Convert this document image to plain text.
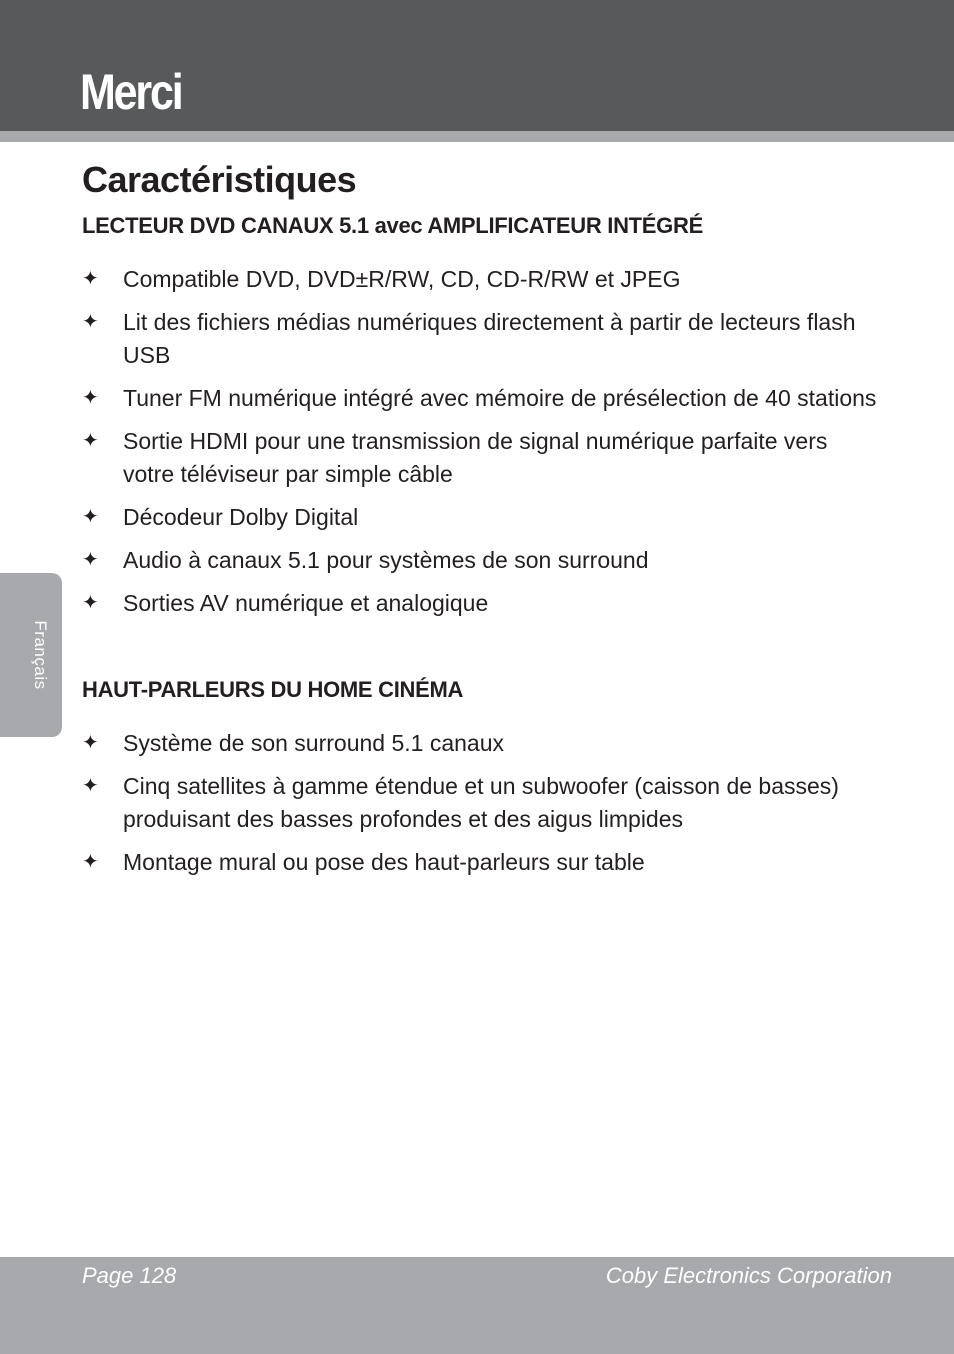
Merci
Français
Caractéristiques
LECTEUR DVD CANAUX 5.1 avec AMPLIFICATEUR INTÉGRÉ
✦ Compatible DVD, DVD±R/RW, CD, CD-R/RW et JPEG
✦ Lit des fichiers médias numériques directement à partir de lecteurs flash USB
✦ Tuner FM numérique intégré avec mémoire de présélection de 40 stations
✦ Sortie HDMI pour une transmission de signal numérique parfaite vers votre téléviseur par simple câble
✦ Décodeur Dolby Digital
✦ Audio à canaux 5.1 pour systèmes de son surround
✦ Sorties AV numérique et analogique
HAUT-PARLEURS DU HOME CINÉMA
✦ Système de son surround 5.1 canaux
✦ Cinq satellites à gamme étendue et un subwoofer (caisson de basses) produisant des basses profondes et des aigus limpides
✦ Montage mural ou pose des haut-parleurs sur table
Page 128	Coby Electronics Corporation
